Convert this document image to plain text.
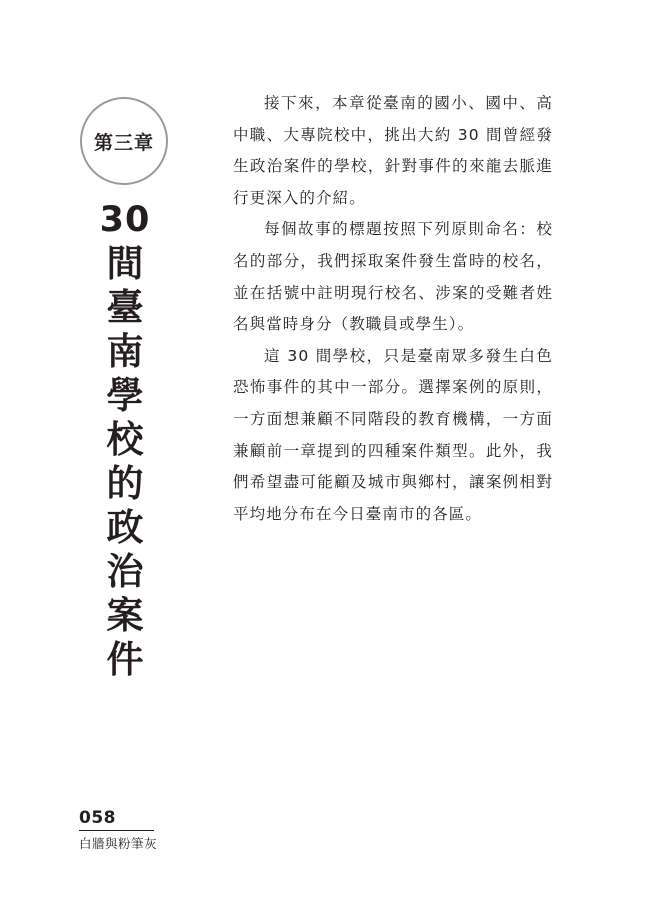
第三章
30
間
臺
南
學
校
的
政
治
案
件

接下來，本章從臺南的國小、國中、高中職、大專院校中，挑出大約 30 間曾經發生政治案件的學校，針對事件的來龍去脈進行更深入的介紹。

每個故事的標題按照下列原則命名：校名的部分，我們採取案件發生當時的校名，並在括號中註明現行校名、涉案的受難者姓名與當時身分（教職員或學生）。

這 30 間學校，只是臺南眾多發生白色恐怖事件的其中一部分。選擇案例的原則，一方面想兼顧不同階段的教育機構，一方面兼顧前一章提到的四種案件類型。此外，我們希望盡可能顧及城市與鄉村，讓案例相對平均地分布在今日臺南市的各區。

058
白牆與粉筆灰
